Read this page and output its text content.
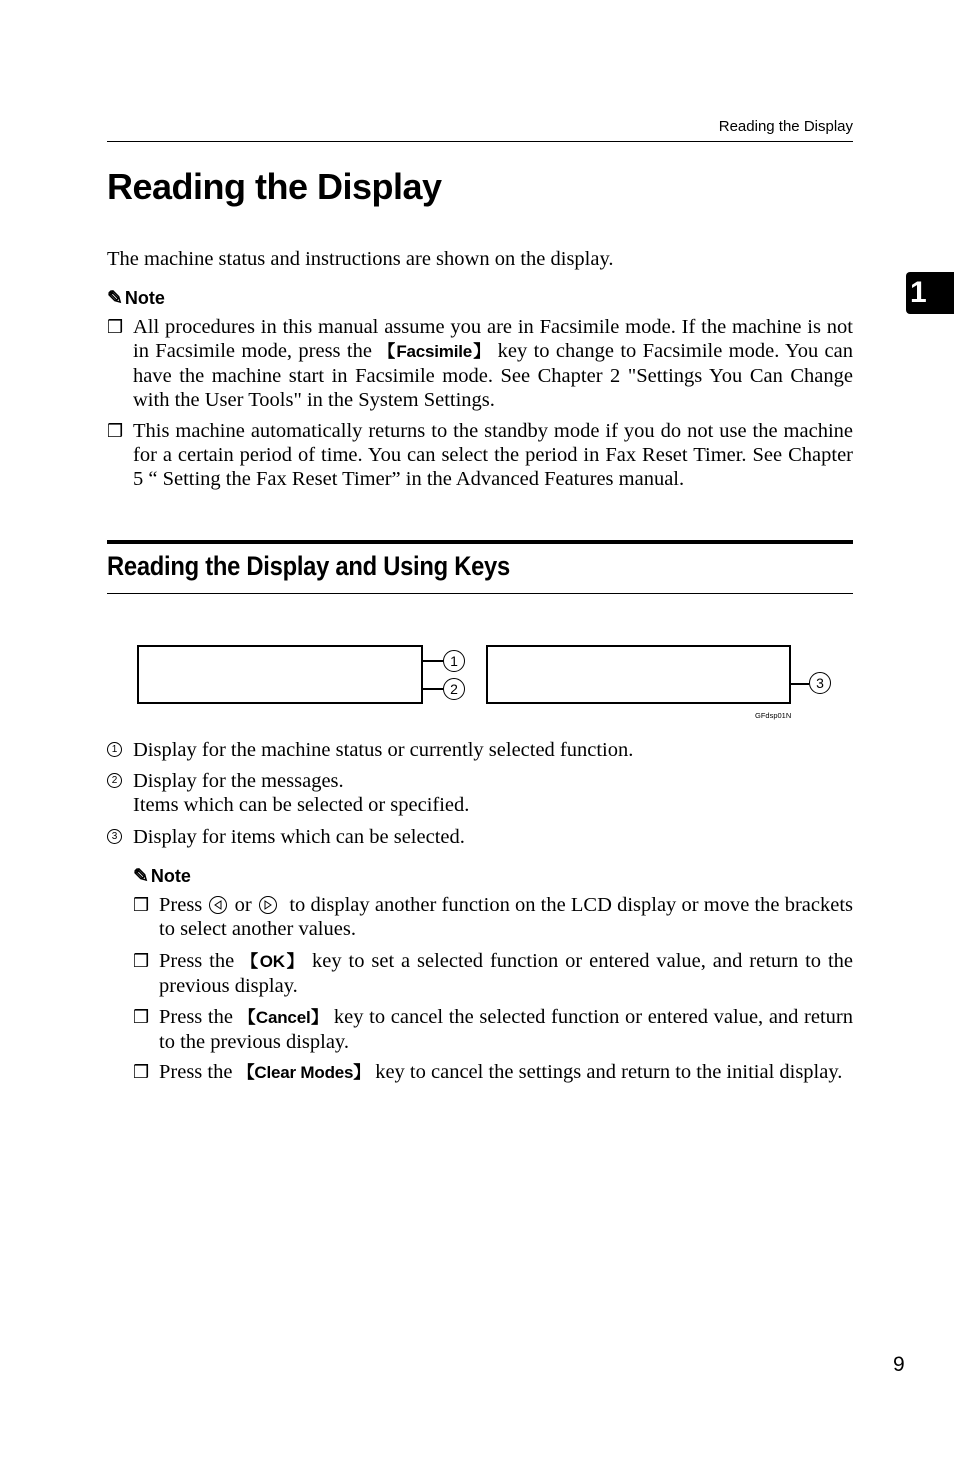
Reading the Display
1
Reading the Display

The machine status and instructions are shown on the display.

✎ Note
❒ All procedures in this manual assume you are in Facsimile mode. If the machine is not in Facsimile mode, press the 【Facsimile】 key to change to Facsimile mode. You can have the machine start in Facsimile mode. See Chapter 2 "Settings You Can Change with the User Tools" in the System Settings.
❒ This machine automatically returns to the standby mode if you do not use the machine for a certain period of time. You can select the period in Fax Reset Timer. See Chapter 5 “ Setting the Fax Reset Timer” in the Advanced Features manual.
Reading the Display and Using Keys

1
2

	3
GFdsp01N
1 Display for the machine status or currently selected function.
2 Display for the messages.
Items which can be selected or specified.
3 Display for items which can be selected.
✎ Note
❒ Press or to display another function on the LCD display or move the brackets to select another values.
❒ Press the 【OK】 key to set a selected function or entered value, and return to the previous display.
❒ Press the 【Cancel】 key to cancel the selected function or entered value, and return to the previous display.
❒ Press the 【Clear Modes】 key to cancel the settings and return to the initial display.
9
